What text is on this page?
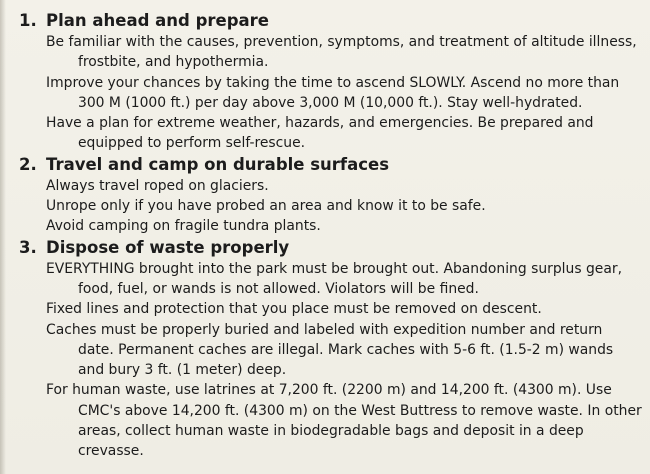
1. Plan ahead and prepare

Be familiar with the causes, prevention, symptoms, and treatment of altitude illness, frostbite, and hypothermia.

Improve your chances by taking the time to ascend SLOWLY. Ascend no more than 300 M (1000 ft.) per day above 3,000 M (10,000 ft.). Stay well-hydrated.

Have a plan for extreme weather, hazards, and emergencies. Be prepared and equipped to perform self-rescue.

2. Travel and camp on durable surfaces

Always travel roped on glaciers.

Unrope only if you have probed an area and know it to be safe.

Avoid camping on fragile tundra plants.

3. Dispose of waste properly

EVERYTHING brought into the park must be brought out. Abandoning surplus gear, food, fuel, or wands is not allowed. Violators will be fined.

Fixed lines and protection that you place must be removed on descent.

Caches must be properly buried and labeled with expedition number and return date. Permanent caches are illegal. Mark caches with 5-6 ft. (1.5-2 m) wands and bury 3 ft. (1 meter) deep.

For human waste, use latrines at 7,200 ft. (2200 m) and 14,200 ft. (4300 m). Use CMC's above 14,200 ft. (4300 m) on the West Buttress to remove waste. In other areas, collect human waste in biodegradable bags and deposit in a deep crevasse.
